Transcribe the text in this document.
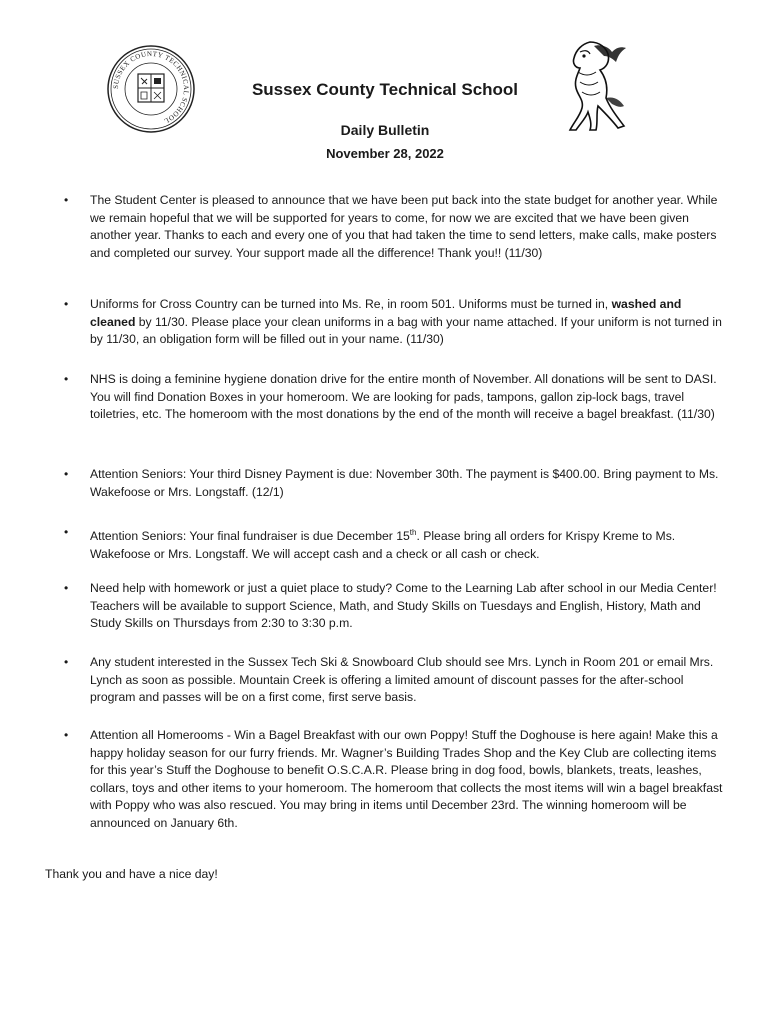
SUSSEX COUNTY TECHNICAL SCHOOL
Sussex County Technical School
Daily Bulletin
November 28, 2022
• The Student Center is pleased to announce that we have been put back into the state budget for another year. While we remain hopeful that we will be supported for years to come, for now we are excited that we have been given another year. Thanks to each and every one of you that had taken the time to send letters, make calls, make posters and completed our survey. Your support made all the difference! Thank you!! (11/30)
• Uniforms for Cross Country can be turned into Ms. Re, in room 501. Uniforms must be turned in, washed and cleaned by 11/30. Please place your clean uniforms in a bag with your name attached. If your uniform is not turned in by 11/30, an obligation form will be filled out in your name. (11/30)
• NHS is doing a feminine hygiene donation drive for the entire month of November. All donations will be sent to DASI. You will find Donation Boxes in your homeroom. We are looking for pads, tampons, gallon zip-lock bags, travel toiletries, etc. The homeroom with the most donations by the end of the month will receive a bagel breakfast. (11/30)
• Attention Seniors: Your third Disney Payment is due: November 30th. The payment is $400.00. Bring payment to Ms. Wakefoose or Mrs. Longstaff. (12/1)
• Attention Seniors: Your final fundraiser is due December 15th. Please bring all orders for Krispy Kreme to Ms. Wakefoose or Mrs. Longstaff. We will accept cash and a check or all cash or check.
• Need help with homework or just a quiet place to study? Come to the Learning Lab after school in our Media Center! Teachers will be available to support Science, Math, and Study Skills on Tuesdays and English, History, Math and Study Skills on Thursdays from 2:30 to 3:30 p.m.
• Any student interested in the Sussex Tech Ski & Snowboard Club should see Mrs. Lynch in Room 201 or email Mrs. Lynch as soon as possible. Mountain Creek is offering a limited amount of discount passes for the after-school program and passes will be on a first come, first serve basis.
• Attention all Homerooms - Win a Bagel Breakfast with our own Poppy! Stuff the Doghouse is here again! Make this a happy holiday season for our furry friends. Mr. Wagner’s Building Trades Shop and the Key Club are collecting items for this year’s Stuff the Doghouse to benefit O.S.C.A.R. Please bring in dog food, bowls, blankets, treats, leashes, collars, toys and other items to your homeroom. The homeroom that collects the most items will win a bagel breakfast with Poppy who was also rescued. You may bring in items until December 23rd. The winning homeroom will be announced on January 6th.
Thank you and have a nice day!
